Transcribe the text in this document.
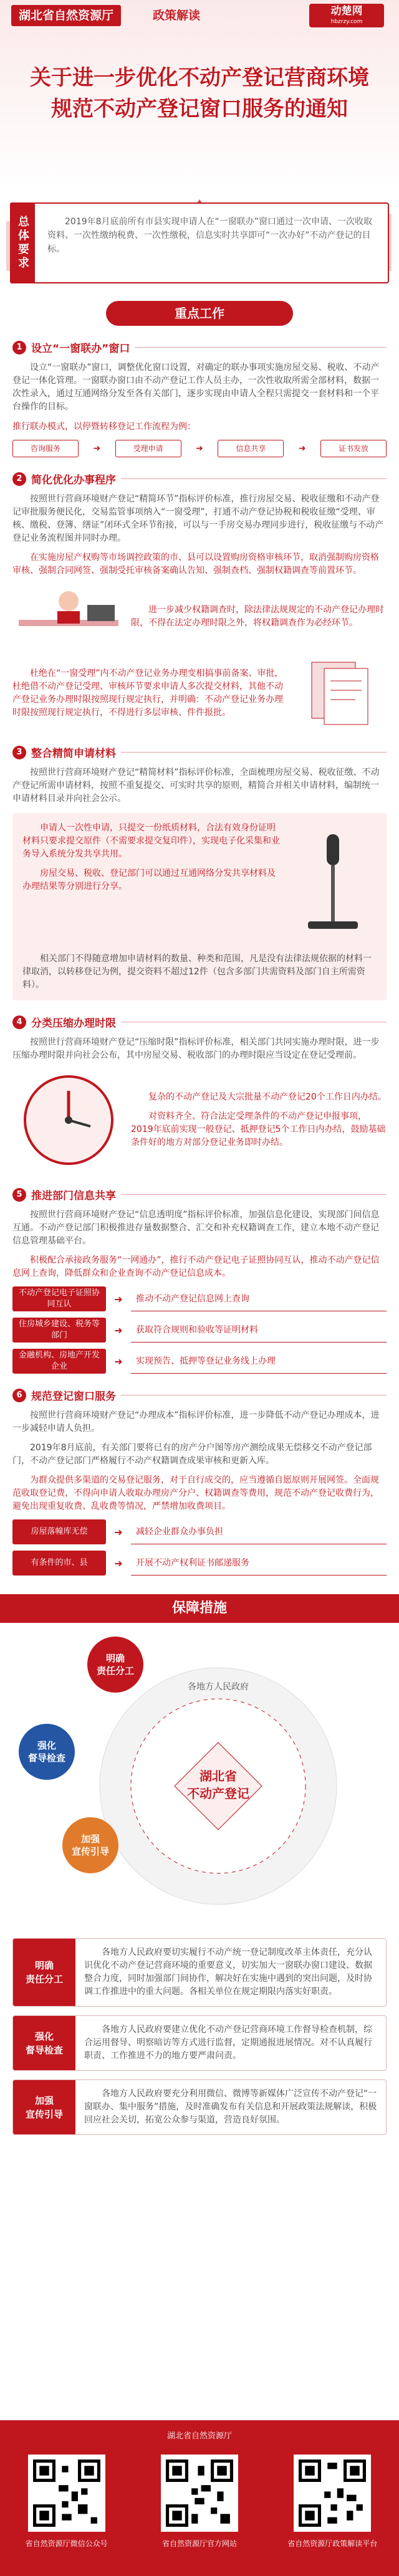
湖北省自然资源厅	政策解读	动楚网
hbzrzy.com
关于进一步优化不动产登记营商环境
规范不动产登记窗口服务的通知
总体要求	2019年8月底前所有市县实现申请人在“一窗联办”窗口通过一次申请、一次收取资料、一次性缴纳税费、一次性缴税，信息实时共享即可“一次办好”不动产登记的目标。
重点工作
1 设立“一窗联办”窗口
设立“一窗联办”窗口，调整优化窗口设置，对确定的联办事项实施房屋交易、税收、不动产登记一体化管理。一窗联办窗口由不动产登记工作人员主办，一次性收取所需全部材料，数据一次性录入，通过互通网络分发至各有关部门，逐步实现由申请人全程只需提交一套材料和一个平台操作的目标。
推行联办模式，以停暨转移登记工作流程为例：
咨询服务	➜	受理申请	➜	信息共享	➜	证书发放
2 简化优化办事程序
按照世行营商环境财产登记“精简环节”指标评价标准，推行房屋交易、税收征缴和不动产登记审批服务便民化，交易监管事项纳入“一窗受理”，打通不动产登记协税和税收征缴“受理、审核、缴税、登簿、缮证”闭环式全环节衔接，可以与一手房交易办理同步进行，税收征缴与不动产登记业务流程图并同时办理。
在实施房屋产权购等市场调控政策的市、县可以设置购房资格审核环节，取消强制购房资格审核、强制合同网签、强制受托审核备案确认告知、强制查档、强制权籍调查等前置环节。
进一步减少权籍调查时，除法律法规规定的不动产登记办理时限，不得在法定办理时限之外，将权籍调查作为必经环节。
杜绝在“一窗受理”内不动产登记业务办理变相搞事前备案、审批，杜绝借不动产登记受理、审核环节要求申请人多次提交材料，其他不动产登记业务办理时限按照现行规定执行，并明确：不动产登记业务办理时限按照现行规定执行，不得进行多层审核、件件报批。
3 整合精简申请材料
按照世行营商环境财产登记“精简材料”指标评价标准，全面梳理房屋交易、税收征缴、不动产登记所需申请材料，按照不重复提交、可实时共享的原则，精简合并相关申请材料，编制统一申请材料目录并向社会公示。
申请人一次性申请，只提交一份纸质材料，合法有效身份证明材料只要求提交原件（不需要求提交复印件），实现电子化采集和业务导入系统分发共享共用。
房屋交易、税收、登记部门可以通过互通网络分发共享材料及办理结果等分别进行分享。
相关部门不得随意增加申请材料的数量、种类和范围，凡是没有法律法规依据的材料一律取消，以转移登记为例，提交资料不超过12件（包含多部门共需资料及部门自主所需资料）。
4 分类压缩办理时限
按照世行营商环境财产登记“压缩时限”指标评价标准，相关部门共同实施办理时限，进一步压缩办理时限并向社会公布，其中房屋交易、税收部门的办理时限应当设定在登记受理前。
复杂的不动产登记及大宗批量不动产登记20个工作日内办结。
对资料齐全、符合法定受理条件的不动产登记申报事项，2019年底前实现一般登记、抵押登记5个工作日内办结，鼓励基础条件好的地方对部分登记业务即时办结。
5 推进部门信息共享
按照世行营商环境财产登记“信息透明度”指标评价标准，加强信息化建设，实现部门间信息互通。不动产登记部门积极推进存量数据整合、汇交和补充权籍调查工作，建立本地不动产登记信息管理基础平台。
积极配合承接政务服务“一网通办”，推行不动产登记电子证照协同互认，推动不动产登记信息网上查询，降低群众和企业查询不动产登记信息成本。
不动产登记电子证照协同互认	➜	推动不动产登记信息网上查询
住房城乡建设、税务等部门	➜	获取符合规则和验收等证明材料
金融机构、房地产开发企业	➜	实现预告、抵押等登记业务线上办理
6 规范登记窗口服务
按照世行营商环境财产登记“办理成本”指标评价标准，进一步降低不动产登记办理成本，进一步减轻申请人负担。
2019年8月底前，有关部门要将已有的房产分户图等房产测绘成果无偿移交不动产登记部门，不动产登记部门严格履行不动产权籍调查成果审核和更新入库。
为群众提供多渠道的交易登记服务，对于自行成交的，应当遵循自愿原则开展网签。全面规范收取登记费，不得向申请人收取办理房产分户、权籍调查等费用，规范不动产登记收费行为，避免出现重复收费、乱收费等情况，严禁增加收费项目。
房屋落幢库无偿	➜	减轻企业群众办事负担
有条件的市、县	➜	开展不动产权利证书邮递服务
保障措施
各地方人民政府
湖北省
不动产登记
明确
责任分工
强化
督导检查
加强
宣传引导
明确
责任分工
各地方人民政府要切实履行不动产统一登记制度改革主体责任，充分认识优化不动产登记营商环境的重要意义，切实加大一窗联办窗口建设、数据整合力度，同时加强部门间协作，解决好在实施中遇到的突出问题，及时协调工作推进中的重大问题。各相关单位在规定期限内落实好职责。
强化
督导检查
各地方人民政府要建立优化不动产登记营商环境工作督导检查机制，综合运用督导、明察暗访等方式进行监督，定期通报进展情况。对不认真履行职责、工作推进不力的地方要严肃问责。
加强
宣传引导
各地方人民政府要充分利用微信、微博等新媒体广泛宣传不动产登记“一窗联办、集中服务”措施，及时准确发布有关信息和开展政策法规解读，积极回应社会关切，拓宽公众参与渠道，营造良好氛围。
湖北省自然资源厅
省自然资源厅微信公众号	省自然资源厅官方网站	省自然资源厅政策解读平台
